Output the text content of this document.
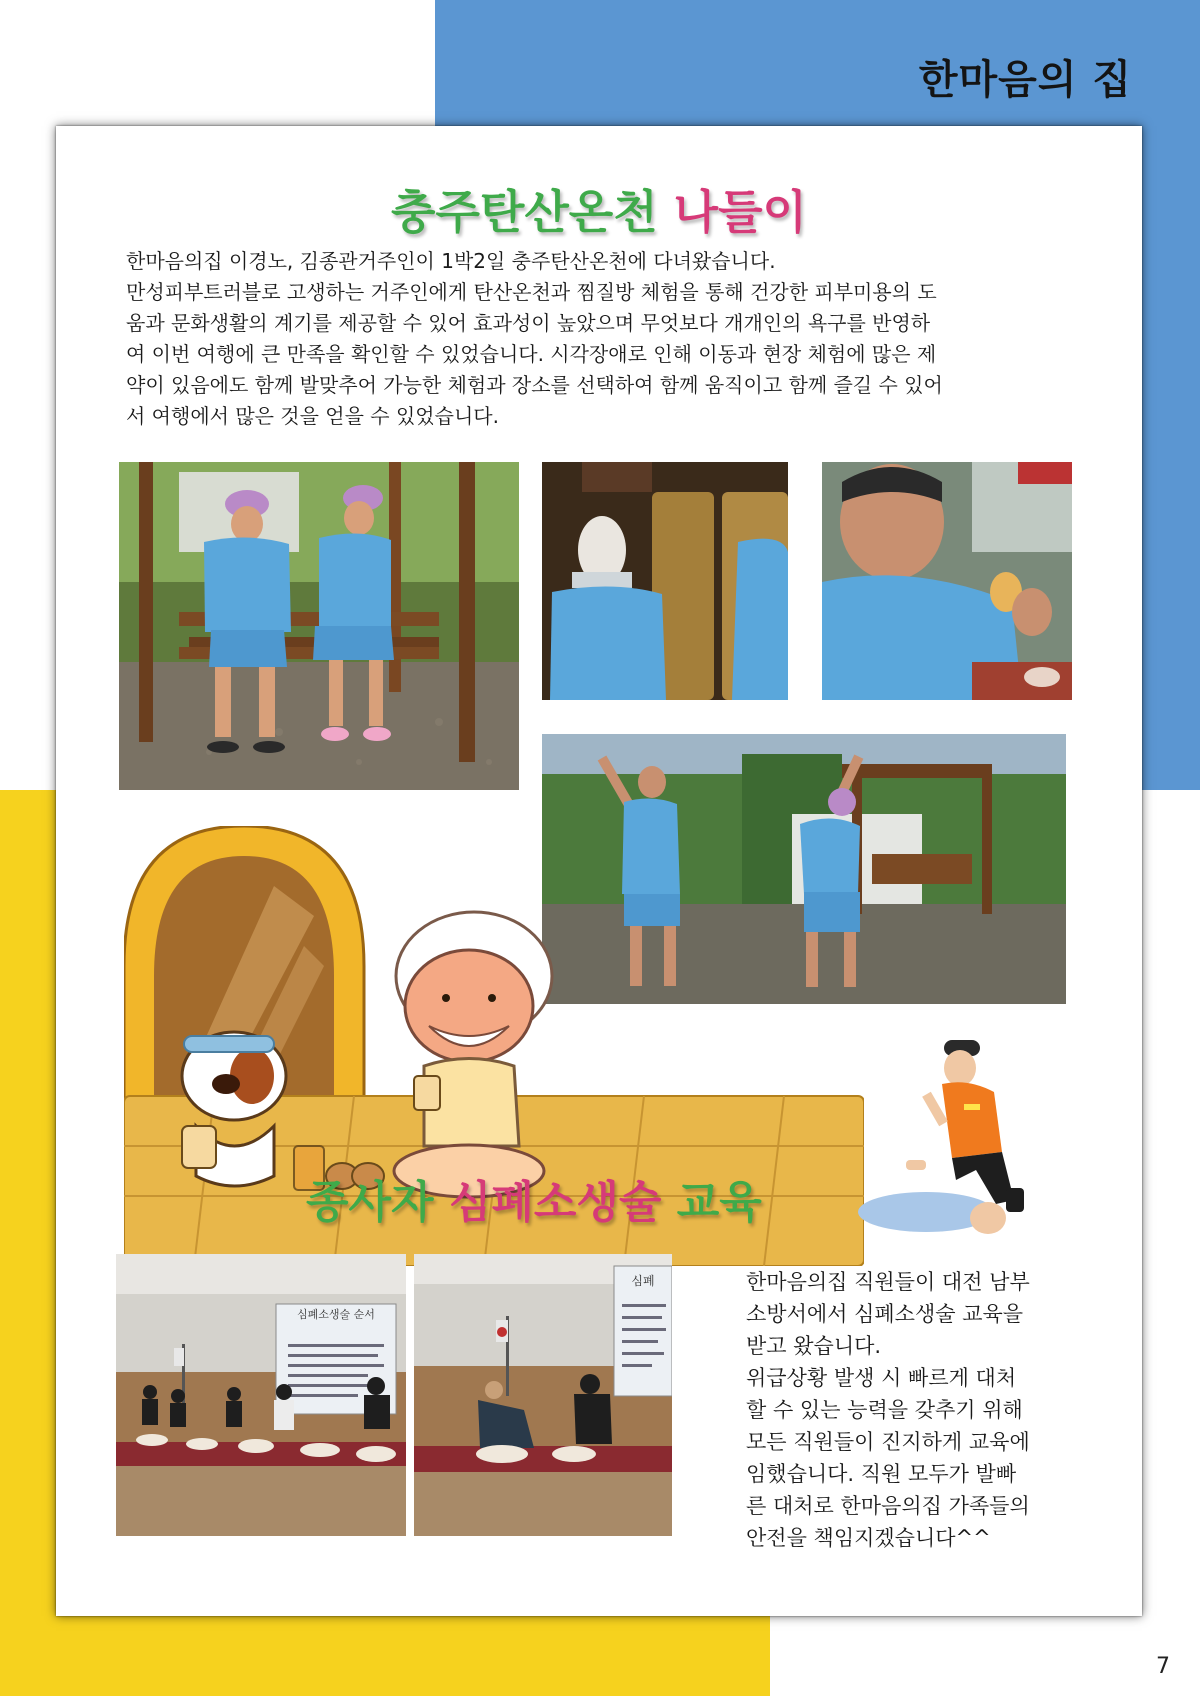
한마음의 집
7
충주탄산온천 나들이

한마음의집 이경노, 김종관거주인이 1박2일 충주탄산온천에 다녀왔습니다.
만성피부트러블로 고생하는 거주인에게 탄산온천과 찜질방 체험을 통해 건강한 피부미용의 도
움과 문화생활의 계기를 제공할 수 있어 효과성이 높았으며 무엇보다 개개인의 욕구를 반영하
여 이번 여행에 큰 만족을 확인할 수 있었습니다. 시각장애로 인해 이동과 현장 체험에 많은 제
약이 있음에도 함께 발맞추어 가능한 체험과 장소를 선택하여 함께 움직이고 함께 즐길 수 있어
서 여행에서 많은 것을 얻을 수 있었습니다.

종사자 심폐소생술 교육
심폐소생술 순서
심폐	한마음의집 직원들이 대전 남부
소방서에서 심폐소생술 교육을
받고 왔습니다.
위급상황 발생 시 빠르게 대처
할 수 있는 능력을 갖추기 위해
모든 직원들이 진지하게 교육에
임했습니다. 직원 모두가 발빠
른 대처로 한마음의집 가족들의
안전을 책임지겠습니다^^
